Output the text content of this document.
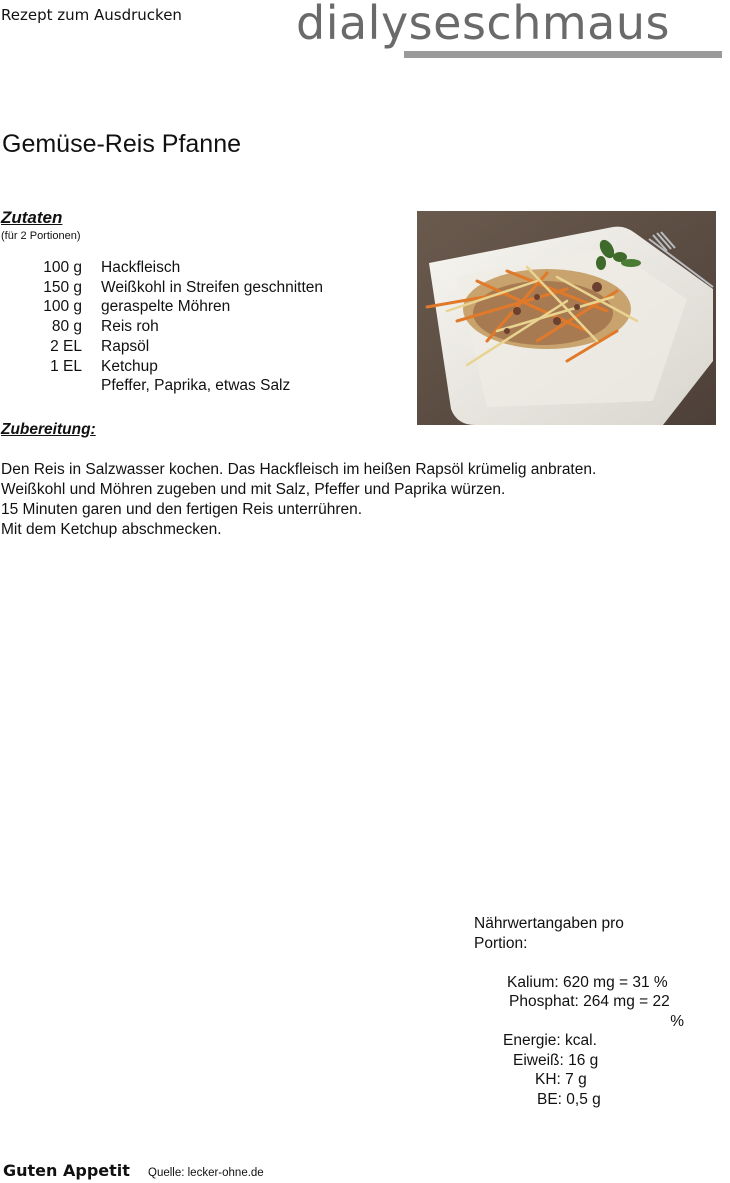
Rezept zum Ausdrucken dialyseschmaus
Gemüse-Reis Pfanne
Zutaten
(für 2 Portionen)
100 g Hackfleisch
150 g Weißkohl in Streifen geschnitten
100 g geraspelte Möhren
80 g Reis roh
2 EL Rapsöl
1 EL Ketchup
Pfeffer, Paprika, etwas Salz
Zubereitung:
Den Reis in Salzwasser kochen. Das Hackfleisch im heißen Rapsöl krümelig anbraten.
Weißkohl und Möhren zugeben und mit Salz, Pfeffer und Paprika würzen.
15 Minuten garen und den fertigen Reis unterrühren.
Mit dem Ketchup abschmecken.
Nährwertangaben pro Portion:
Kalium: 620 mg = 31 %
Phosphat: 264 mg = 22
%
Energie: kcal.
Eiweiß: 16 g
KH: 7 g
BE: 0,5 g
Guten Appetit Quelle: lecker-ohne.de
